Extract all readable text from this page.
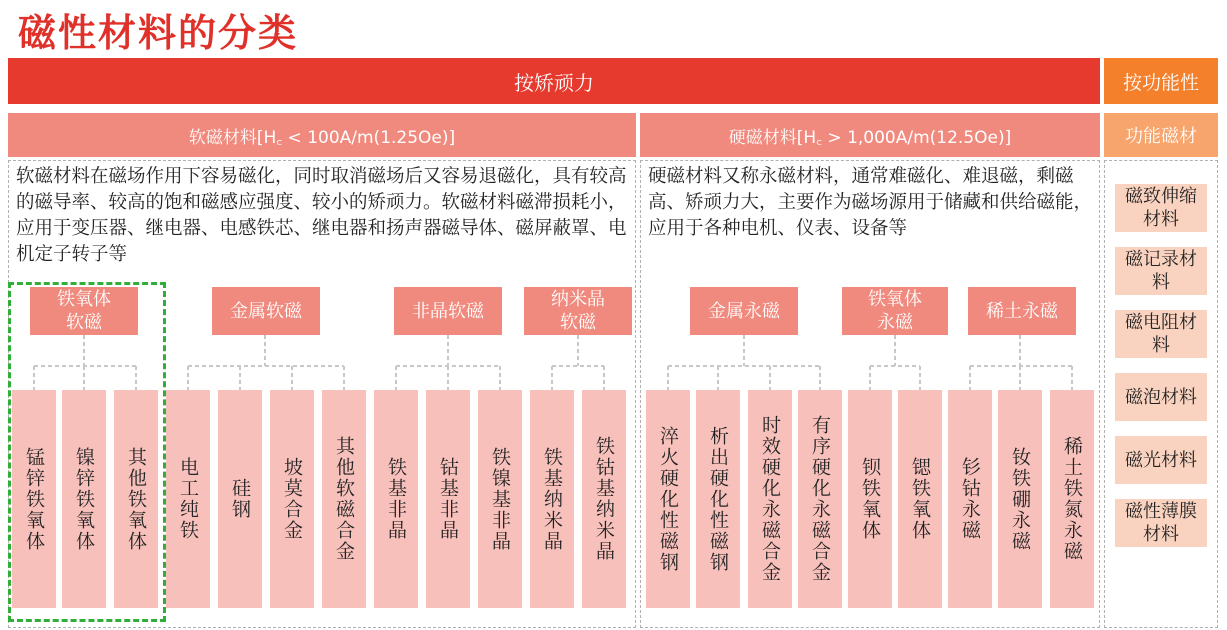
磁性材料的分类
按矫顽力	按功能性
软磁材料[H꜀ < 100A/m(1.25Oe)]	硬磁材料[H꜀ > 1,000A/m(12.5Oe)]	功能磁材
软磁材料在磁场作用下容易磁化，同时取消磁场后又容易退磁化，具有较高的磁导率、较高的饱和磁感应强度、较小的矫顽力。软磁材料磁滞损耗小，应用于变压器、继电器、电感铁芯、继电器和扬声器磁导体、磁屏蔽罩、电机定子转子等
硬磁材料又称永磁材料，通常难磁化、难退磁，剩磁高、矫顽力大，主要作为磁场源用于储藏和供给磁能，应用于各种电机、仪表、设备等
铁氧体
软磁
金属软磁	非晶软磁
纳米晶
软磁
金属永磁
铁氧体
永磁
稀土永磁
锰锌铁氧体 镍锌铁氧体 其他铁氧体 电工纯铁 硅钢 坡莫合金 其他软磁合金 铁基非晶 钴基非晶 铁镍基非晶 铁基纳米晶 铁钴基纳米晶 淬火硬化性磁钢 析出硬化性磁钢 时效硬化永磁合金 有序硬化永磁合金 钡铁氧体 锶铁氧体 钐钴永磁 钕铁硼永磁 稀土铁氮永磁
磁致伸缩材料
磁记录材料
磁电阻材料
磁泡材料
磁光材料
磁性薄膜材料
